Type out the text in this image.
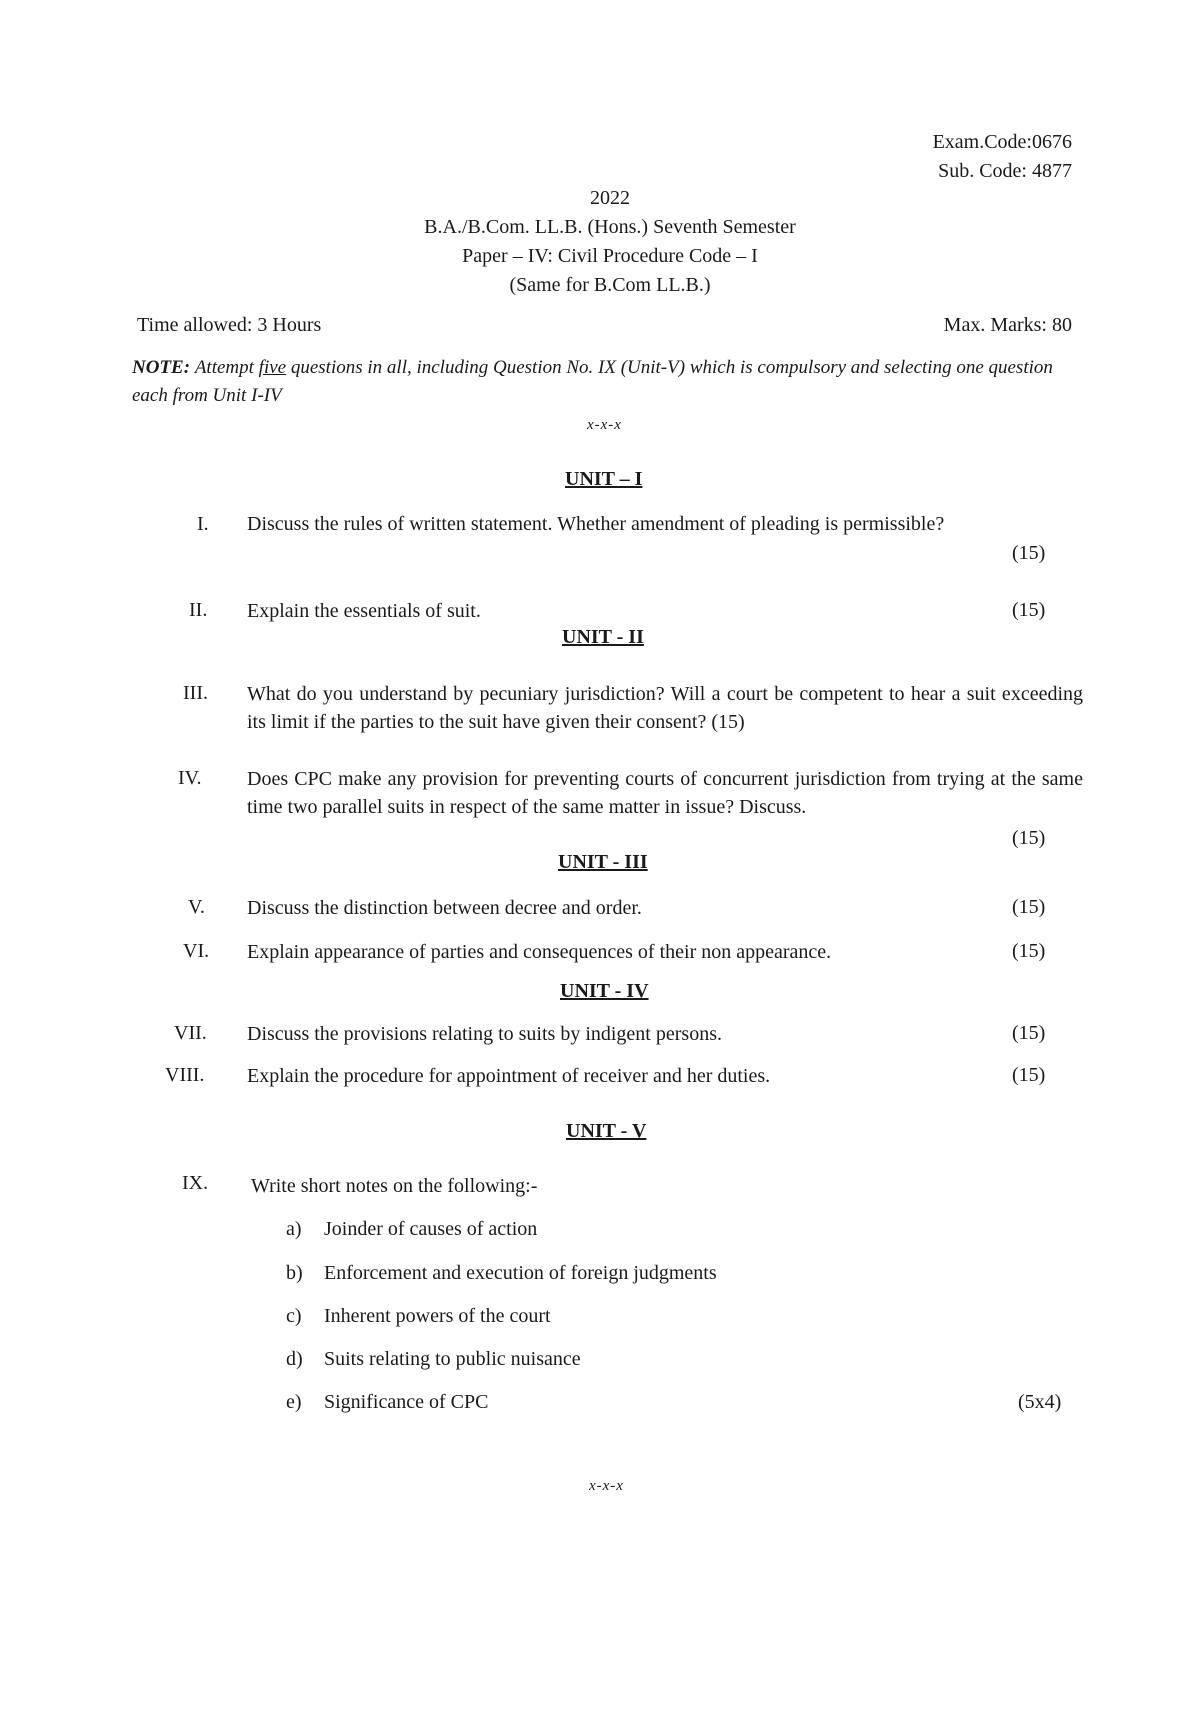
Exam.Code:0676
Sub. Code: 4877
2022
B.A./B.Com. LL.B. (Hons.) Seventh Semester
Paper – IV: Civil Procedure Code – I
(Same for B.Com LL.B.)
Time allowed: 3 Hours	Max. Marks: 80
NOTE: Attempt five questions in all, including Question No. IX (Unit-V) which is compulsory and selecting one question each from Unit I-IV
x-x-x
UNIT – I
I. Discuss the rules of written statement. Whether amendment of pleading is permissible?
(15)
II. Explain the essentials of suit.	(15)
UNIT - II
III. What do you understand by pecuniary jurisdiction? Will a court be competent to hear a suit exceeding its limit if the parties to the suit have given their consent? (15)
IV. Does CPC make any provision for preventing courts of concurrent jurisdiction from trying at the same time two parallel suits in respect of the same matter in issue? Discuss.
(15)
UNIT - III
V. Discuss the distinction between decree and order.	(15)
VI. Explain appearance of parties and consequences of their non appearance.	(15)
UNIT - IV
VII. Discuss the provisions relating to suits by indigent persons.	(15)
VIII. Explain the procedure for appointment of receiver and her duties.	(15)
UNIT - V
IX. Write short notes on the following:-
a) Joinder of causes of action
b) Enforcement and execution of foreign judgments
c) Inherent powers of the court
d) Suits relating to public nuisance
e) Significance of CPC	(5x4)
x-x-x
